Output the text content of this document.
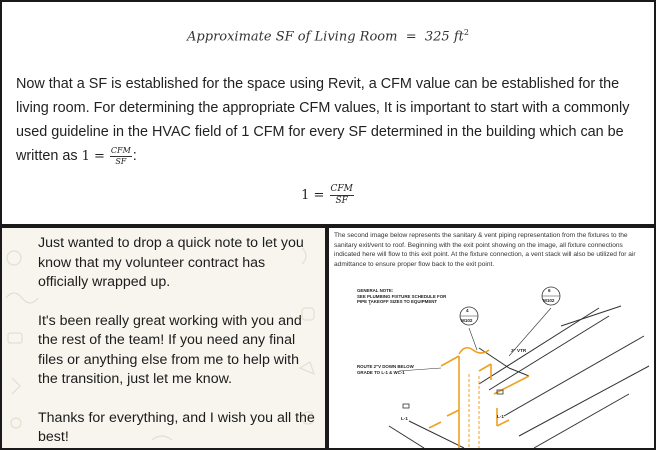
Approximate SF of Living Room = 325 $ft^2$
Now that a SF is established for the space using Revit, a CFM value can be established for the living room. For determining the appropriate CFM values, It is important to start with a commonly used guideline in the HVAC field of 1 CFM for every SF determined in the building which can be written as $1 = \frac{\text{CFM}}{SF}$ :
$1 = \frac{\text{CFM}}{SF}$

Just wanted to drop a quick note to let you know that my volunteer contract has officially wrapped up.

It's been really great working with you and the rest of the team! If you need any final files or anything else from me to help with the transition, just let me know.

Thanks for everything, and I wish you all the best!

The second image below represents the sanitary & vent piping representation from the fixtures to the sanitary exit/vent to roof. Beginning with the exit point showing on the image, all fixture connections indicated here will flow to this exit point. At the fixture connection, a vent stack will also be utilized for air admittance to ensure proper flow back to the exit point.
GENERAL NOTE:
SEE PLUMBING FIXTURE SCHEDULE FOR
PIPE TAKEOFF SIZES TO EQUIPMENT
ROUTE 2"V DOWN BELOW
GRADE TO L-1 & WC-1
6
M102
4
M102
3" VTR
L-1	L-1
